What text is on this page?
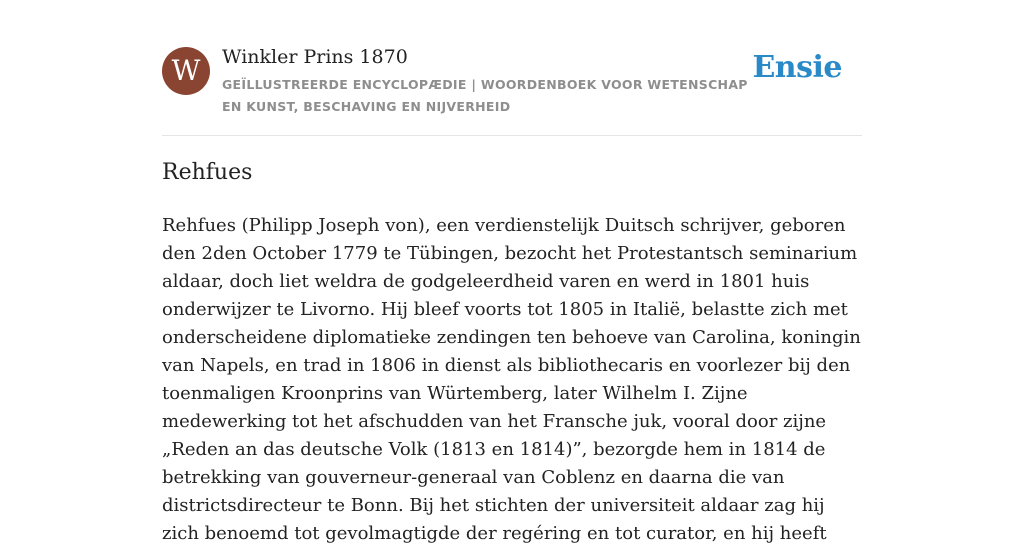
W	Winkler Prins 1870
GEÏLLUSTREERDE ENCYCLOPÆDIE | WOORDENBOEK VOOR WETENSCHAP EN KUNST, BESCHAVING EN NIJVERHEID
Ensie
Rehfues

Rehfues (Philipp Joseph von), een verdienstelijk Duitsch schrijver, geboren den 2den October 1779 te Tübingen, bezocht het Protestantsch seminarium aldaar, doch liet weldra de godgeleerdheid varen en werd in 1801 huis onderwijzer te Livorno. Hij bleef voorts tot 1805 in Italië, belastte zich met onderscheidene diplomatieke zendingen ten behoeve van Carolina, koningin van Napels, en trad in 1806 in dienst als bibliothecaris en voorlezer bij den toenmaligen Kroonprins van Würtemberg, later Wilhelm I. Zijne medewerking tot het afschudden van het Fransche juk, vooral door zijne „Reden an das deutsche Volk (1813 en 1814)”, bezorgde hem in 1814 de betrekking van gouverneur-generaal van Coblenz en daarna die van districtsdirecteur te Bonn. Bij het stichten der universiteit aldaar zag hij zich benoemd tot gevolmagtigde der regéring en tot curator, en hij heeft
